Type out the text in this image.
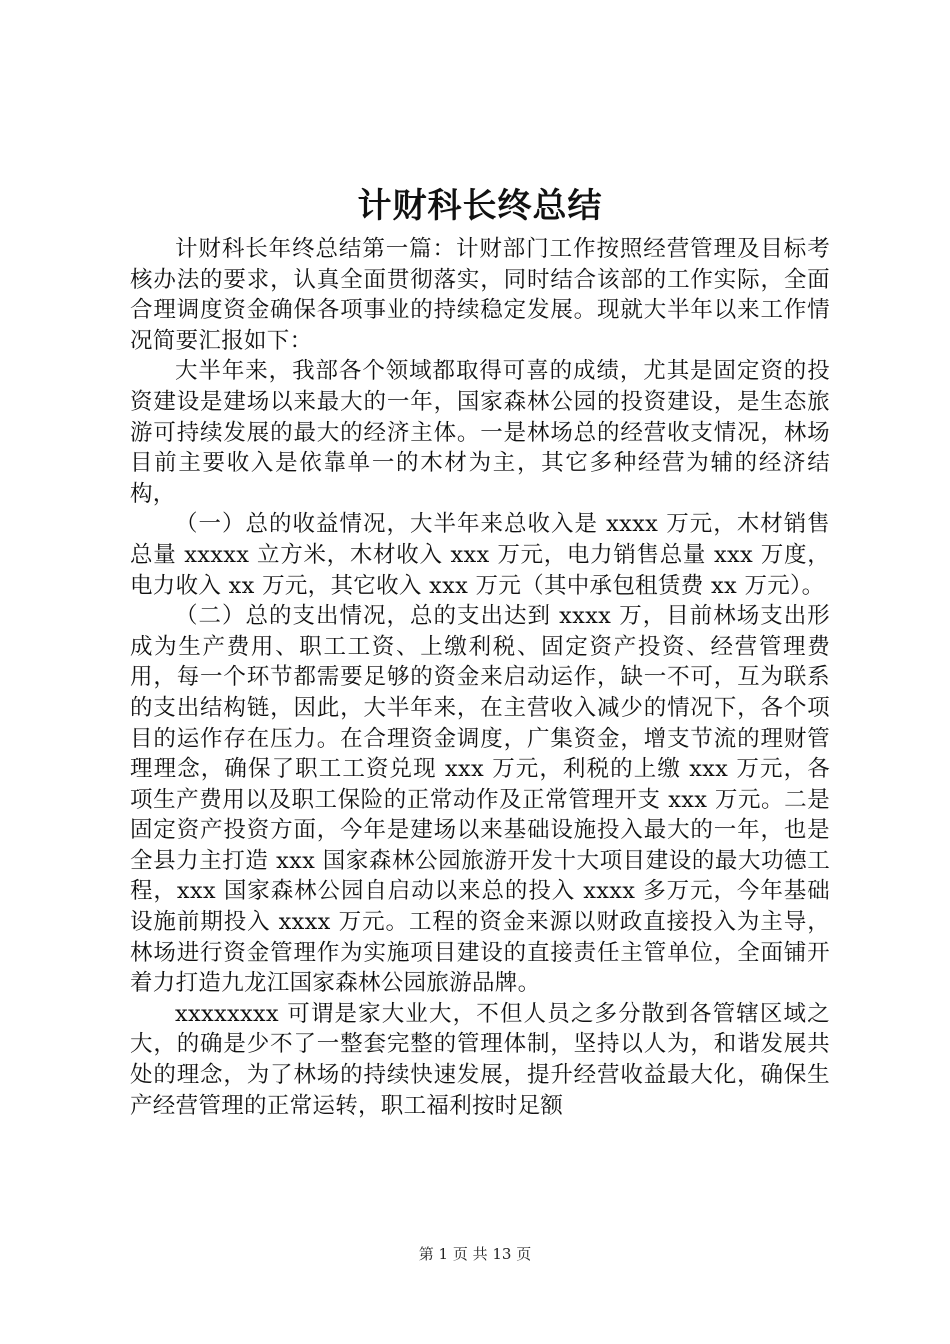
计财科长终总结

计财科长年终总结第一篇：计财部门工作按照经营管理及目标考核办法的要求，认真全面贯彻落实，同时结合该部的工作实际，全面合理调度资金确保各项事业的持续稳定发展。现就大半年以来工作情况简要汇报如下：

大半年来，我部各个领域都取得可喜的成绩，尤其是固定资的投资建设是建场以来最大的一年，国家森林公园的投资建设，是生态旅游可持续发展的最大的经济主体。一是林场总的经营收支情况，林场目前主要收入是依靠单一的木材为主，其它多种经营为辅的经济结构，

（一）总的收益情况，大半年来总收入是 xxxx 万元，木材销售总量 xxxxx 立方米，木材收入 xxx 万元，电力销售总量 xxx 万度，电力收入 xx 万元，其它收入 xxx 万元（其中承包租赁费 xx 万元）。

（二）总的支出情况，总的支出达到 xxxx 万，目前林场支出形成为生产费用、职工工资、上缴利税、固定资产投资、经营管理费用，每一个环节都需要足够的资金来启动运作，缺一不可，互为联系的支出结构链，因此，大半年来，在主营收入减少的情况下，各个项目的运作存在压力。在合理资金调度，广集资金，增支节流的理财管理理念，确保了职工工资兑现 xxx 万元，利税的上缴 xxx 万元，各项生产费用以及职工保险的正常动作及正常管理开支 xxx 万元。二是固定资产投资方面，今年是建场以来基础设施投入最大的一年，也是全县力主打造 xxx 国家森林公园旅游开发十大项目建设的最大功德工程，xxx 国家森林公园自启动以来总的投入 xxxx 多万元，今年基础设施前期投入 xxxx 万元。工程的资金来源以财政直接投入为主导，林场进行资金管理作为实施项目建设的直接责任主管单位，全面铺开着力打造九龙江国家森林公园旅游品牌。

xxxxxxxx 可谓是家大业大，不但人员之多分散到各管辖区域之大，的确是少不了一整套完整的管理体制，坚持以人为，和谐发展共处的理念，为了林场的持续快速发展，提升经营收益最大化，确保生产经营管理的正常运转，职工福利按时足额

第 1 页 共 13 页
